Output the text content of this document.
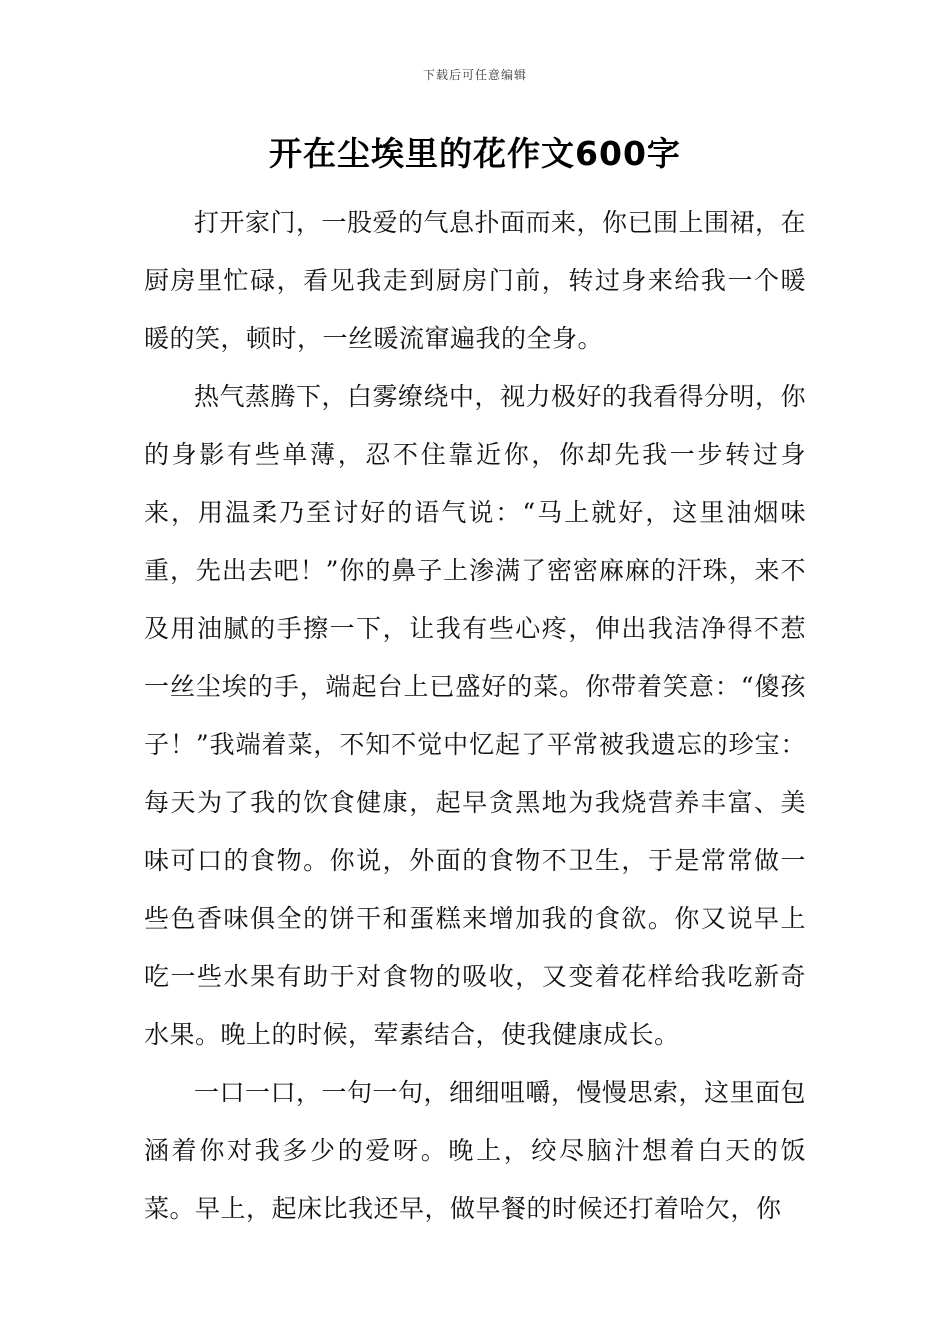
下载后可任意编辑
开在尘埃里的花作文600字

打开家门，一股爱的气息扑面而来，你已围上围裙，在厨房里忙碌，看见我走到厨房门前，转过身来给我一个暖暖的笑，顿时，一丝暖流窜遍我的全身。

热气蒸腾下，白雾缭绕中，视力极好的我看得分明，你的身影有些单薄，忍不住靠近你，你却先我一步转过身来，用温柔乃至讨好的语气说：“马上就好，这里油烟味重，先出去吧！”你的鼻子上渗满了密密麻麻的汗珠，来不及用油腻的手擦一下，让我有些心疼，伸出我洁净得不惹一丝尘埃的手，端起台上已盛好的菜。你带着笑意：“傻孩子！”我端着菜，不知不觉中忆起了平常被我遗忘的珍宝：每天为了我的饮食健康，起早贪黑地为我烧营养丰富、美味可口的食物。你说，外面的食物不卫生，于是常常做一些色香味俱全的饼干和蛋糕来增加我的食欲。你又说早上吃一些水果有助于对食物的吸收，又变着花样给我吃新奇水果。晚上的时候，荤素结合，使我健康成长。

一口一口，一句一句，细细咀嚼，慢慢思索，这里面包涵着你对我多少的爱呀。晚上，绞尽脑汁想着白天的饭菜。早上，起床比我还早，做早餐的时候还打着哈欠，你
